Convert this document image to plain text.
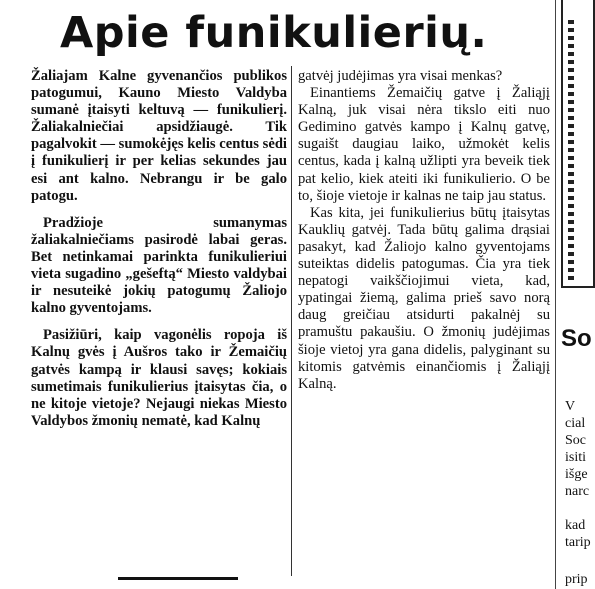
Apie funikulierių.

Žaliajam Kalne gyvenančios publikos patogumui, Kauno Miesto Valdyba sumanė įtaisyti keltuvą — funikulierį. Žaliakalniečiai apsidžiaugė. Tik pagalvokit — sumokėjęs kelis centus sėdi į funikulierį ir per kelias sekundes jau esi ant kalno. Nebrangu ir be galo patogu.

Pradžioje sumanymas žaliakalniečiams pasirodė labai geras. Bet netinkamai parinkta funikulieriui vieta sugadino „gešeftą“ Miesto valdybai ir nesuteikė jokių patogumų Žaliojo kalno gyventojams.

Pasižiūri, kaip vagonėlis ropoja iš Kalnų gvės į Aušros tako ir Žemaičių gatvės kampą ir klausi savęs; kokiais sumetimais funikulierius įtaisytas čia, o ne kitoje vietoje? Nejaugi niekas Miesto Valdybos žmonių nematė, kad Kalnų

gatvėj judėjimas yra visai menkas?

Einantiems Žemaičių gatve į Žaliąjį Kalną, juk visai nėra tikslo eiti nuo Gedimino gatvės kampo į Kalnų gatvę, sugaišt daugiau laiko, užmokėt kelis centus, kada į kalną užlipti yra beveik tiek pat kelio, kiek ateiti iki funikulierio. O be to, šioje vietoje ir kalnas ne taip jau status.

Kas kita, jei funikulierius būtų įtaisytas Kauklių gatvėj. Tada būtų galima drąsiai pasakyt, kad Žaliojo kalno gyventojams suteiktas didelis patogumas. Čia yra tiek nepatogi vaikščiojimui vieta, kad, ypatingai žiemą, galima prieš savo norą daug greičiau atsidurti pakalnėj su pramuštu pakaušiu. O žmonių judėjimas šioje vietoj yra gana didelis, palyginant su kitomis gatvėmis einančiomis į Žaliąjį Kalną.

So
V
cial
Soc
isiti
išge
narc
kad
tarip
prip
